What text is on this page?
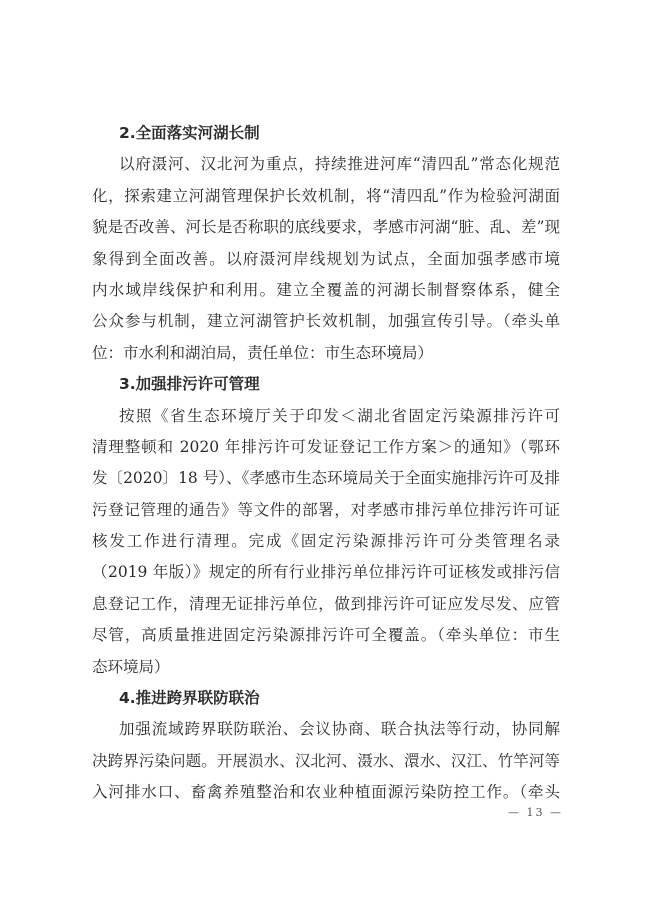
2.全面落实河湖长制
以府滠河、汉北河为重点，持续推进河库“清四乱”常态化规范
化，探索建立河湖管理保护长效机制，将“清四乱”作为检验河湖面
貌是否改善、河长是否称职的底线要求，孝感市河湖“脏、乱、差”现
象得到全面改善。以府滠河岸线规划为试点，全面加强孝感市境
内水域岸线保护和利用。建立全覆盖的河湖长制督察体系，健全
公众参与机制，建立河湖管护长效机制，加强宣传引导。（牵头单
位：市水利和湖泊局，责任单位：市生态环境局）
3.加强排污许可管理
按照《省生态环境厅关于印发＜湖北省固定污染源排污许可
清理整顿和 2020 年排污许可发证登记工作方案＞的通知》（鄂环
发〔2020〕18 号）、《孝感市生态环境局关于全面实施排污许可及排
污登记管理的通告》等文件的部署，对孝感市排污单位排污许可证
核发工作进行清理。完成《固定污染源排污许可分类管理名录
（2019 年版）》规定的所有行业排污单位排污许可证核发或排污信
息登记工作，清理无证排污单位，做到排污许可证应发尽发、应管
尽管，高质量推进固定污染源排污许可全覆盖。（牵头单位：市生
态环境局）
4.推进跨界联防联治
加强流域跨界联防联治、会议协商、联合执法等行动，协同解
决跨界污染问题。开展涢水、汉北河、滠水、澴水、汉江、竹竿河等
入河排水口、畜禽养殖整治和农业种植面源污染防控工作。（牵头
— 13 —
